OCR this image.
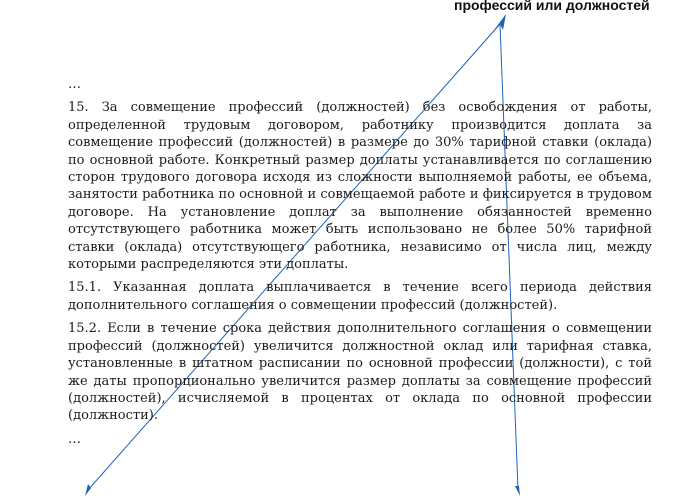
профессий или должностей

…

15. За совмещение профессий (должностей) без освобождения от работы, определенной трудовым договором, работнику производится доплата за совмещение профессий (должностей) в размере до 30% тарифной ставки (оклада) по основной работе. Конкретный размер доплаты устанавливается по соглашению сторон трудового договора исходя из сложности выполняемой работы, ее объема, занятости работника по основной и совмещаемой работе и фиксируется в трудовом договоре. На установление доплат за выполнение обязанностей временно отсутствующего работника может быть использовано не более 50% тарифной ставки (оклада) отсутствующего работника, независимо от числа лиц, между которыми распределяются эти доплаты.

15.1. Указанная доплата выплачивается в течение всего периода действия дополнительного соглашения о совмещении профессий (должностей).

15.2. Если в течение срока действия дополнительного соглашения о совмещении профессий (должностей) увеличится должностной оклад или тарифная ставка, установленные в штатном расписании по основной профессии (должности), с той же даты пропорционально увеличится размер доплаты за совмещение профессий (должностей), исчисляемой в процентах от оклада по основной профессии (должности).

…
